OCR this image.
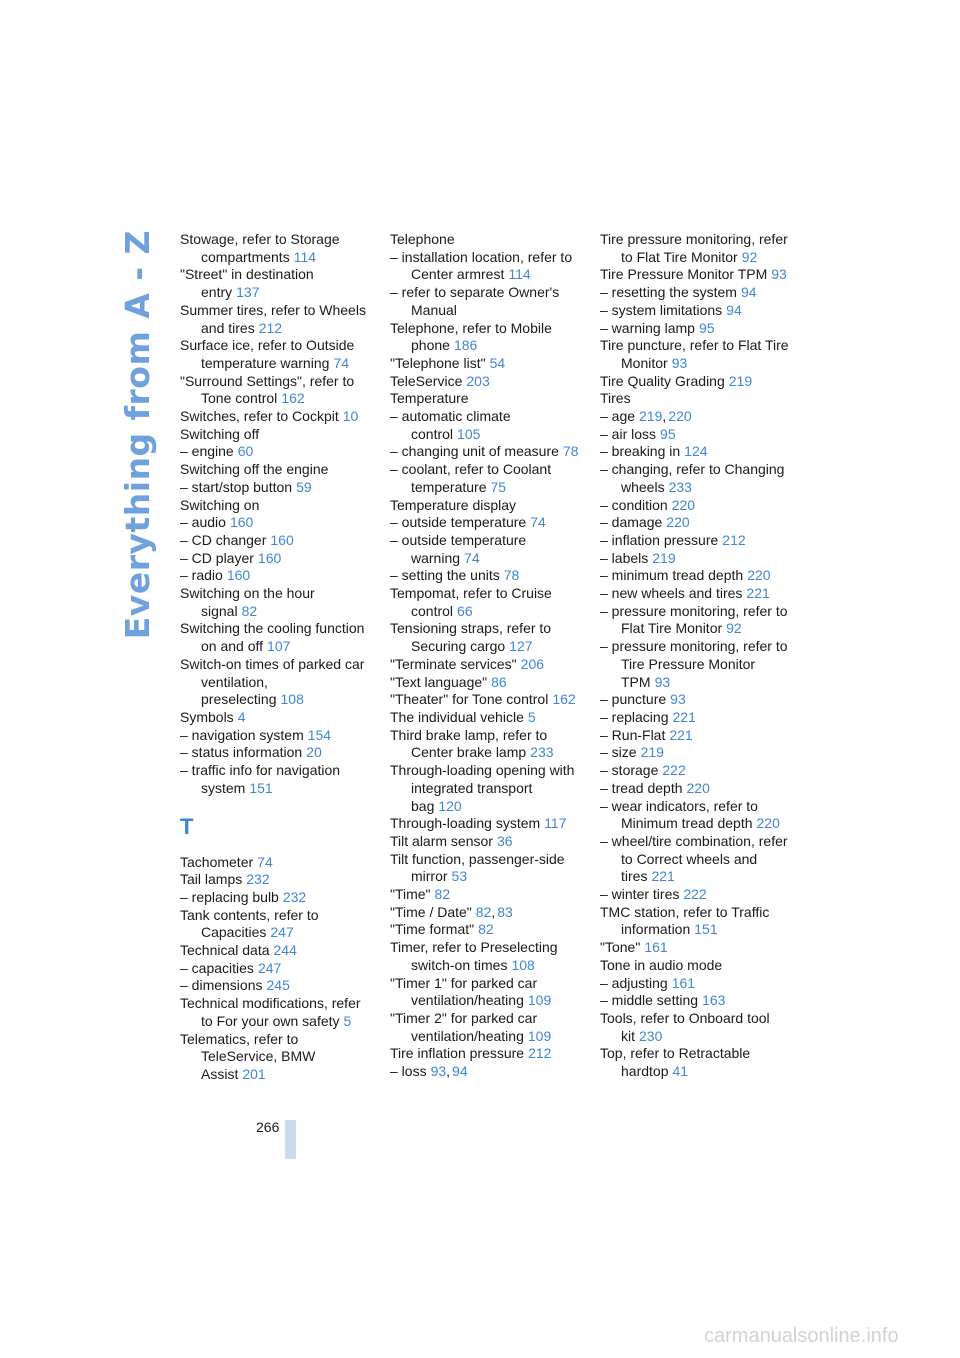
Everything from A - Z Stowage, refer to Storage compartments 114
"Street" in destination entry 137
Summer tires, refer to Wheels and tires 212
Surface ice, refer to Outside temperature warning 74
"Surround Settings", refer to Tone control 162
Switches, refer to Cockpit 10
Switching off
– engine 60
Switching off the engine
– start/stop button 59
Switching on
– audio 160
– CD changer 160
– CD player 160
– radio 160
Switching on the hour signal 82
Switching the cooling function on and off 107
Switch-on times of parked car ventilation, preselecting 108
Symbols 4
– navigation system 154
– status information 20
– traffic info for navigation system 151
T
Tachometer 74
Tail lamps 232
– replacing bulb 232
Tank contents, refer to Capacities 247
Technical data 244
– capacities 247
– dimensions 245
Technical modifications, refer to For your own safety 5
Telematics, refer to TeleService, BMW Assist 201
Telephone
– installation location, refer to Center armrest 114
– refer to separate Owner's Manual
Telephone, refer to Mobile phone 186
"Telephone list" 54
TeleService 203
Temperature
– automatic climate control 105
– changing unit of measure 78
– coolant, refer to Coolant temperature 75
Temperature display
– outside temperature 74
– outside temperature warning 74
– setting the units 78
Tempomat, refer to Cruise control 66
Tensioning straps, refer to Securing cargo 127
"Terminate services" 206
"Text language" 86
"Theater" for Tone control 162
The individual vehicle 5
Third brake lamp, refer to Center brake lamp 233
Through-loading opening with integrated transport bag 120
Through-loading system 117
Tilt alarm sensor 36
Tilt function, passenger-side mirror 53
"Time" 82
"Time / Date" 82, 83
"Time format" 82
Timer, refer to Preselecting switch-on times 108
"Timer 1" for parked car ventilation/heating 109
"Timer 2" for parked car ventilation/heating 109
Tire inflation pressure 212
– loss 93, 94
Tire pressure monitoring, refer to Flat Tire Monitor 92
Tire Pressure Monitor TPM 93
– resetting the system 94
– system limitations 94
– warning lamp 95
Tire puncture, refer to Flat Tire Monitor 93
Tire Quality Grading 219
Tires
– age 219, 220
– air loss 95
– breaking in 124
– changing, refer to Changing wheels 233
– condition 220
– damage 220
– inflation pressure 212
– labels 219
– minimum tread depth 220
– new wheels and tires 221
– pressure monitoring, refer to Flat Tire Monitor 92
– pressure monitoring, refer to Tire Pressure Monitor TPM 93
– puncture 93
– replacing 221
– Run-Flat 221
– size 219
– storage 222
– tread depth 220
– wear indicators, refer to Minimum tread depth 220
– wheel/tire combination, refer to Correct wheels and tires 221
– winter tires 222
TMC station, refer to Traffic information 151
"Tone" 161
Tone in audio mode
– adjusting 161
– middle setting 163
Tools, refer to Onboard tool kit 230
Top, refer to Retractable hardtop 41
266
carmanualsonline.info
